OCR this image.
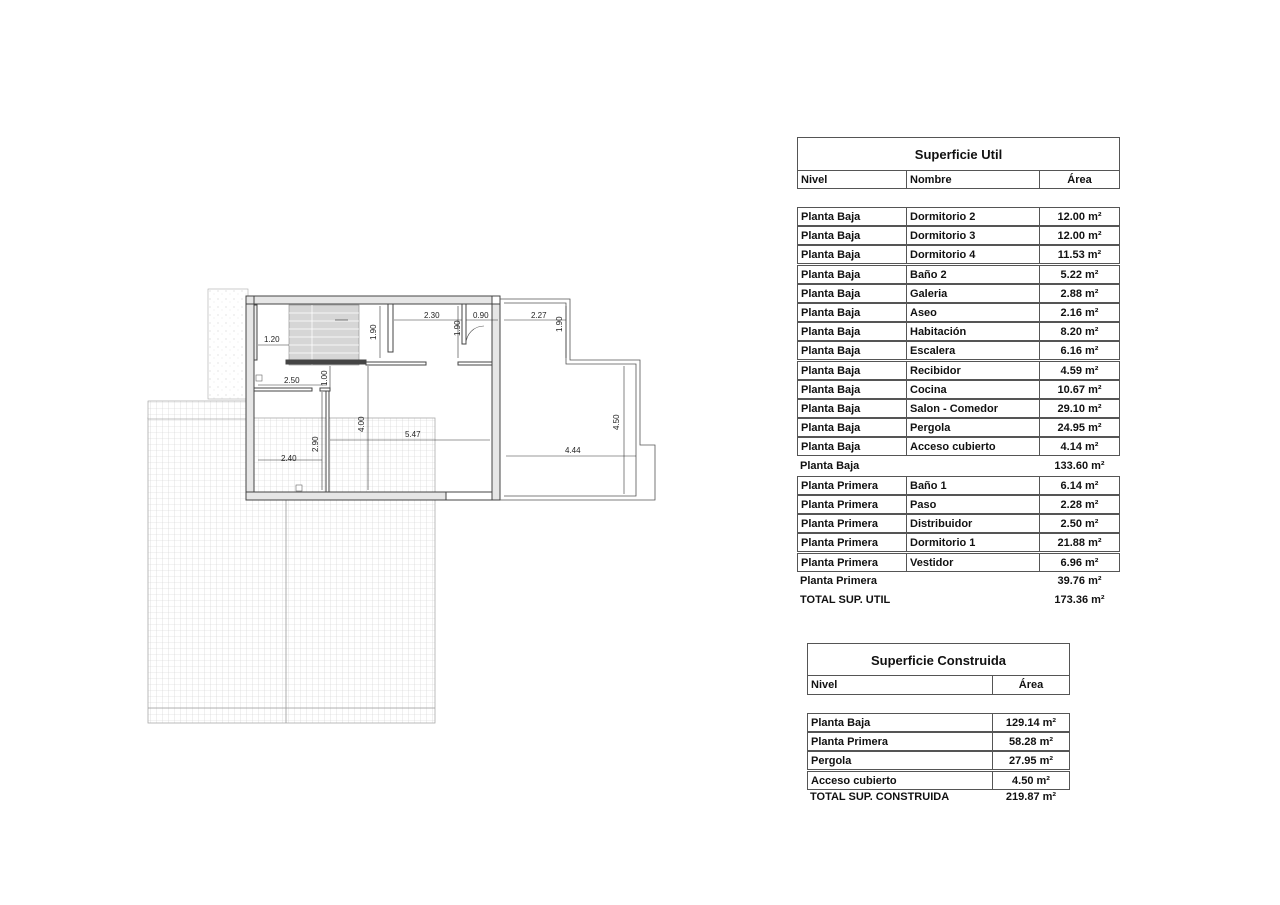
1.20	1.90
2.30
1.90
0.90	2.27
1.90
2.50	1.00
4.00
5.47
4.50
4.44
2.90
2.40
Superficie Util
Nivel	Nombre	Área
Planta Baja	Dormitorio 2	12.00 m²
Planta Baja	Dormitorio 3	12.00 m²
Planta Baja	Dormitorio 4	11.53 m²
Planta Baja	Baño 2	5.22 m²
Planta Baja	Galeria	2.88 m²
Planta Baja	Aseo	2.16 m²
Planta Baja	Habitación	8.20 m²
Planta Baja	Escalera	6.16 m²
Planta Baja	Recibidor	4.59 m²
Planta Baja	Cocina	10.67 m²
Planta Baja	Salon - Comedor	29.10 m²
Planta Baja	Pergola	24.95 m²
Planta Baja	Acceso cubierto	4.14 m²
Planta Baja	133.60 m²
Planta Primera	Baño 1	6.14 m²
Planta Primera	Paso	2.28 m²
Planta Primera	Distribuidor	2.50 m²
Planta Primera	Dormitorio 1	21.88 m²
Planta Primera	Vestidor	6.96 m²
Planta Primera	39.76 m²
TOTAL SUP. UTIL	173.36 m²
Superficie Construida
Nivel	Área
Planta Baja	129.14 m²
Planta Primera	58.28 m²
Pergola	27.95 m²
Acceso cubierto	4.50 m²
TOTAL SUP. CONSTRUIDA	219.87 m²
